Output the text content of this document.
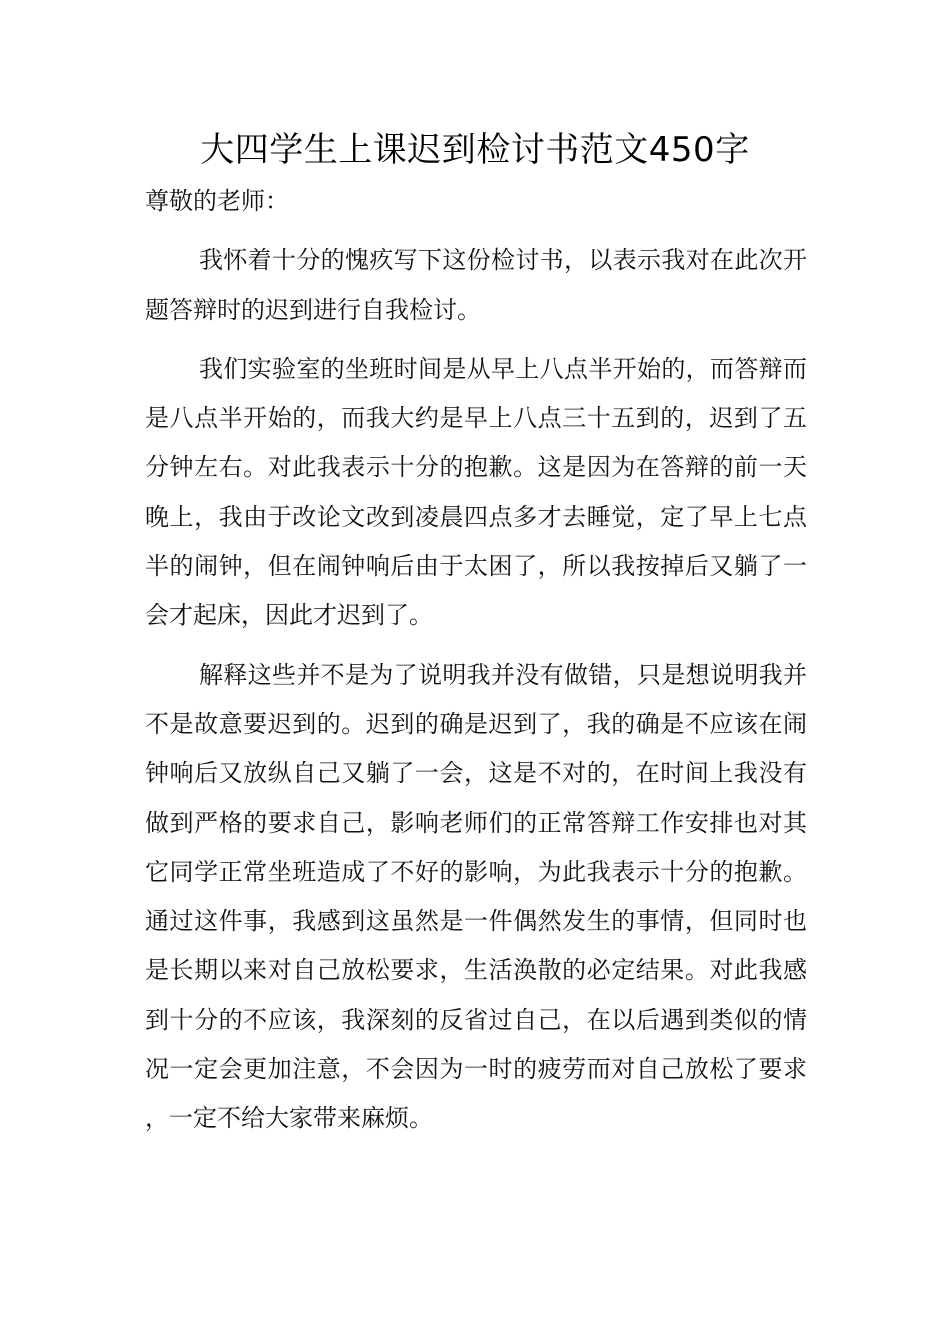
大四学生上课迟到检讨书范文450字

尊敬的老师：

我怀着十分的愧疚写下这份检讨书，以表示我对在此次开题答辩时的迟到进行自我检讨。

我们实验室的坐班时间是从早上八点半开始的，而答辩而是八点半开始的，而我大约是早上八点三十五到的，迟到了五分钟左右。对此我表示十分的抱歉。这是因为在答辩的前一天晚上，我由于改论文改到凌晨四点多才去睡觉，定了早上七点半的闹钟，但在闹钟响后由于太困了，所以我按掉后又躺了一会才起床，因此才迟到了。

解释这些并不是为了说明我并没有做错，只是想说明我并不是故意要迟到的。迟到的确是迟到了，我的确是不应该在闹钟响后又放纵自己又躺了一会，这是不对的，在时间上我没有做到严格的要求自己，影响老师们的正常答辩工作安排也对其它同学正常坐班造成了不好的影响，为此我表示十分的抱歉。通过这件事，我感到这虽然是一件偶然发生的事情，但同时也是长期以来对自己放松要求，生活涣散的必定结果。对此我感到十分的不应该，我深刻的反省过自己，在以后遇到类似的情况一定会更加注意，不会因为一时的疲劳而对自己放松了要求，一定不给大家带来麻烦。
